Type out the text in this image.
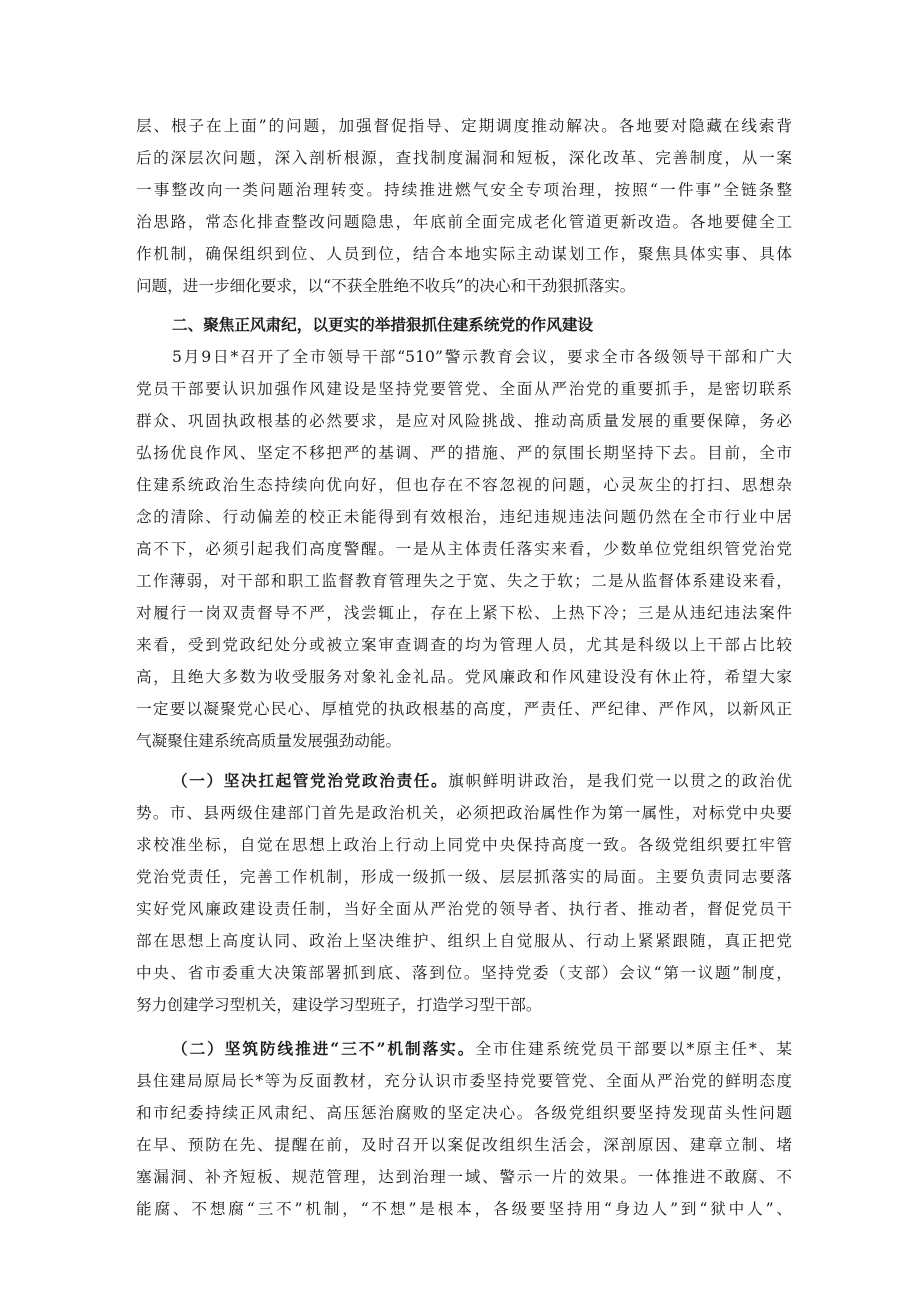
层、根子在上面”的问题，加强督促指导、定期调度推动解决。各地要对隐藏在线索背
后的深层次问题，深入剖析根源，查找制度漏洞和短板，深化改革、完善制度，从一案
一事整改向一类问题治理转变。持续推进燃气安全专项治理，按照“一件事”全链条整
治思路，常态化排查整改问题隐患，年底前全面完成老化管道更新改造。各地要健全工
作机制，确保组织到位、人员到位，结合本地实际主动谋划工作，聚焦具体实事、具体
问题，进一步细化要求，以“不获全胜绝不收兵”的决心和干劲狠抓落实。
二、聚焦正风肃纪，以更实的举措狠抓住建系统党的作风建设
5月9日*召开了全市领导干部“510”警示教育会议，要求全市各级领导干部和广大
党员干部要认识加强作风建设是坚持党要管党、全面从严治党的重要抓手，是密切联系
群众、巩固执政根基的必然要求，是应对风险挑战、推动高质量发展的重要保障，务必
弘扬优良作风、坚定不移把严的基调、严的措施、严的氛围长期坚持下去。目前，全市
住建系统政治生态持续向优向好，但也存在不容忽视的问题，心灵灰尘的打扫、思想杂
念的清除、行动偏差的校正未能得到有效根治，违纪违规违法问题仍然在全市行业中居
高不下，必须引起我们高度警醒。一是从主体责任落实来看，少数单位党组织管党治党
工作薄弱，对干部和职工监督教育管理失之于宽、失之于软；二是从监督体系建设来看，
对履行一岗双责督导不严，浅尝辄止，存在上紧下松、上热下冷；三是从违纪违法案件
来看，受到党政纪处分或被立案审查调查的均为管理人员，尤其是科级以上干部占比较
高，且绝大多数为收受服务对象礼金礼品。党风廉政和作风建设没有休止符，希望大家
一定要以凝聚党心民心、厚植党的执政根基的高度，严责任、严纪律、严作风，以新风正
气凝聚住建系统高质量发展强劲动能。
（一）坚决扛起管党治党政治责任。旗帜鲜明讲政治，是我们党一以贯之的政治优
势。市、县两级住建部门首先是政治机关，必须把政治属性作为第一属性，对标党中央要
求校准坐标，自觉在思想上政治上行动上同党中央保持高度一致。各级党组织要扛牢管
党治党责任，完善工作机制，形成一级抓一级、层层抓落实的局面。主要负责同志要落
实好党风廉政建设责任制，当好全面从严治党的领导者、执行者、推动者，督促党员干
部在思想上高度认同、政治上坚决维护、组织上自觉服从、行动上紧紧跟随，真正把党
中央、省市委重大决策部署抓到底、落到位。坚持党委（支部）会议“第一议题”制度，
努力创建学习型机关，建设学习型班子，打造学习型干部。
（二）坚筑防线推进“三不”机制落实。全市住建系统党员干部要以*原主任*、某
县住建局原局长*等为反面教材，充分认识市委坚持党要管党、全面从严治党的鲜明态度
和市纪委持续正风肃纪、高压惩治腐败的坚定决心。各级党组织要坚持发现苗头性问题
在早、预防在先、提醒在前，及时召开以案促改组织生活会，深剖原因、建章立制、堵
塞漏洞、补齐短板、规范管理，达到治理一域、警示一片的效果。一体推进不敢腐、不
能腐、不想腐“三不”机制，“不想”是根本，各级要坚持用“身边人”到“狱中人”、
